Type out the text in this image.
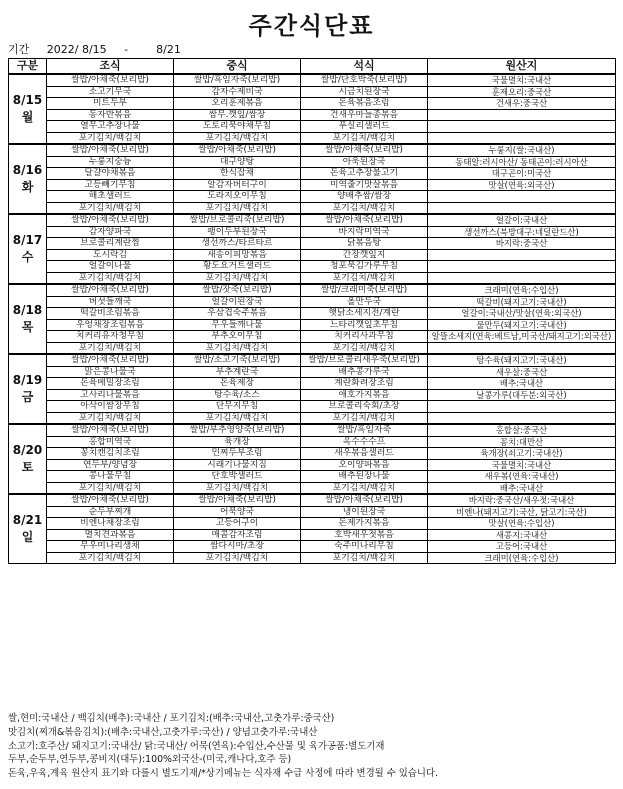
주간식단표
기간 2022/ 8/15 -	8/21
구분	조식	중식	석식	원산지

8/15
월	쌀밥/아채죽(보리밥)	쌀밥/흑임자죽(보리밥)	쌀밥/단호박죽(보리밥)	국물멸치:국내산
	소고기무국	감자수제비국	시금치된장국	훈제오리:중국산
	미트두부	오리훈제볶음	돈육볶음조림	건새우:중국산
	동자반볶음	쌈무.깻잎/쌈장	건새우마늘종볶음	
	열무고추장나물	도토리묵야채무침	푸실리샐러드	
	포기김치/백김치	포기김치/백김치	포기김치/백김치	

8/16
화	쌀밥/아채죽(보리밥)	쌀밥/아채죽(보리밥)	쌀밥/아채죽(보리밥)	누룽지(쌀:국내산)
	누룽지숭늉	대구양탕	아욱된장국	동태알:러시아산/ 동태곤이:러시아산
	달걀야채볶음	한식잡채	돈육고추장불고기	대구곤이:미국산
	고등빼기무침	알감자버터구이	미역줄기맛살볶음	맛살(연육:외국산)
	해초샐러드	도라지오이무침	양배추쌈/쌈장	
	포기김치/백김치	포기김치/백김치	포기김치/백김치	

8/17
수	쌀밥/아채죽(보리밥)	쌀밥/브로콜리죽(보리밥)	쌀밥/아채죽(보리밥)	얼갈이:국내산
	감자양파국	팽이두부된장국	바지락미역국	생선까스(북방대구:네덜란드산)
	브로콜리계란찜	생선까스/타르타르	닭볶음탕	바지락:중국산
	도시락김	새송이피망볶음	간장깻잎지	
	얼갈이나물	황도요거트샐러드	청포묵김가루무침	
	포기김치/백김치	포기김치/백김치	포기김치/백김치	

8/18
목	쌀밥/아채죽(보리밥)	쌀밥/잣죽(보리밥)	쌀밥/크래미죽(보리밥)	크래미(연육:수입산)
	버섯들깨국	얼갈이된장국	올만두국	떡갈비(돼지고기:국내산)
	떡갈비조림볶음	우삼겹숙주볶음	햇닭소세지전/계란	얼갈이:국내산/맛살(연육:외국산)
	우엉채장조림볶음	무우들깨나물	느타리깻잎초무침	물만두(돼지고기:국내산)
	치커리유자청무침	부추오이무침	치커리사과무침	알뜰소세지(연육:베트남,미국산/돼지고기:외국산)
	포기김치/백김치	포기김치/백김치	포기김치/백김치	

8/19
금	쌀밥/아채죽(보리밥)	쌀밥/소고기죽(보리밥)	쌀밥/브로콜리새우죽(보리밥)	탕수육(돼지고기:국내산)
	맑은콩나물국	부추계란국	배추콩가루국	새우살:중국산
	돈육메밀장조림	돈육제장	계란화려장조림	배추:국내산
	고사리나물볶음	탕수육/소스	애호가지볶음	날콩가루(대두분:외국산)
	아삭이쌈장무침	단무지무침	브로콜리숙회/초장	
	포기김치/백김치	포기김치/백김치	포기김치/백김치	

8/20
토	쌀밥/아채죽(보리밥)	쌀밥/부추영양죽(보리밥)	쌀밥/흑임자죽	홍합살:중국산
	홍합미역국	육개장	옥수수수프	꽁치:대만산
	꽁치캔김치조림	민찌두부조림	새우볶음샐러드	육개장(쇠고기:국내산)
	연두부/양념장	시래기나물지짐	오이양파볶음	국물멸치:국내산
	콩나물무침	단호박샐러드	배추된장나물	새우볶(연육:국내산)
	포기김치/백김치	포기김치/백김치	포기김치/백김치	배추:국내산

8/21
일	쌀밥/아채죽(보리밥)	쌀밥/아채죽(보리밥)	쌀밥/아채죽(보리밥)	바지락:중국산/새우젓:국내산
	순두부찌개	어묵양국	냉이된장국	비엔나(돼지고기:국산, 닭고기:국산)
	비엔나채장조림	고등어구이	돈제가지볶음	맛살(연육:수입산)
	멸치견과볶음	매콤감자조림	호박새우젓볶음	새콩지:국내산
	무우미나리생채	쌈다시마/초장	숙주미나리무침	고등어:국내산
	포기김치/백김치	포기김치/백김치	포기김치/백김치	크래미(연육:수입산)
쌀,현미:국내산 / 백김치(배추):국내산 / 포기김치:(배추:국내산,고춧가루:중국산)
맛김치(찌개&볶음김치):(배추:국내산,고춧가루:국산) / 양념고춧가루:국내산
소고기:호주산/ 돼지고기:국내산/ 닭:국내산/ 어묵(연육):수입산,수산물 및 육가공품:별도기재
두부,순두부,연두부,콩비지(대두):100%외국산-(미국,캐나다,호주 등)
돈육,우육,계육 원산지 표기와 다를시 별도기재/*상기메뉴는 식자재 수급 사정에 따라 변경될 수 있습니다.
